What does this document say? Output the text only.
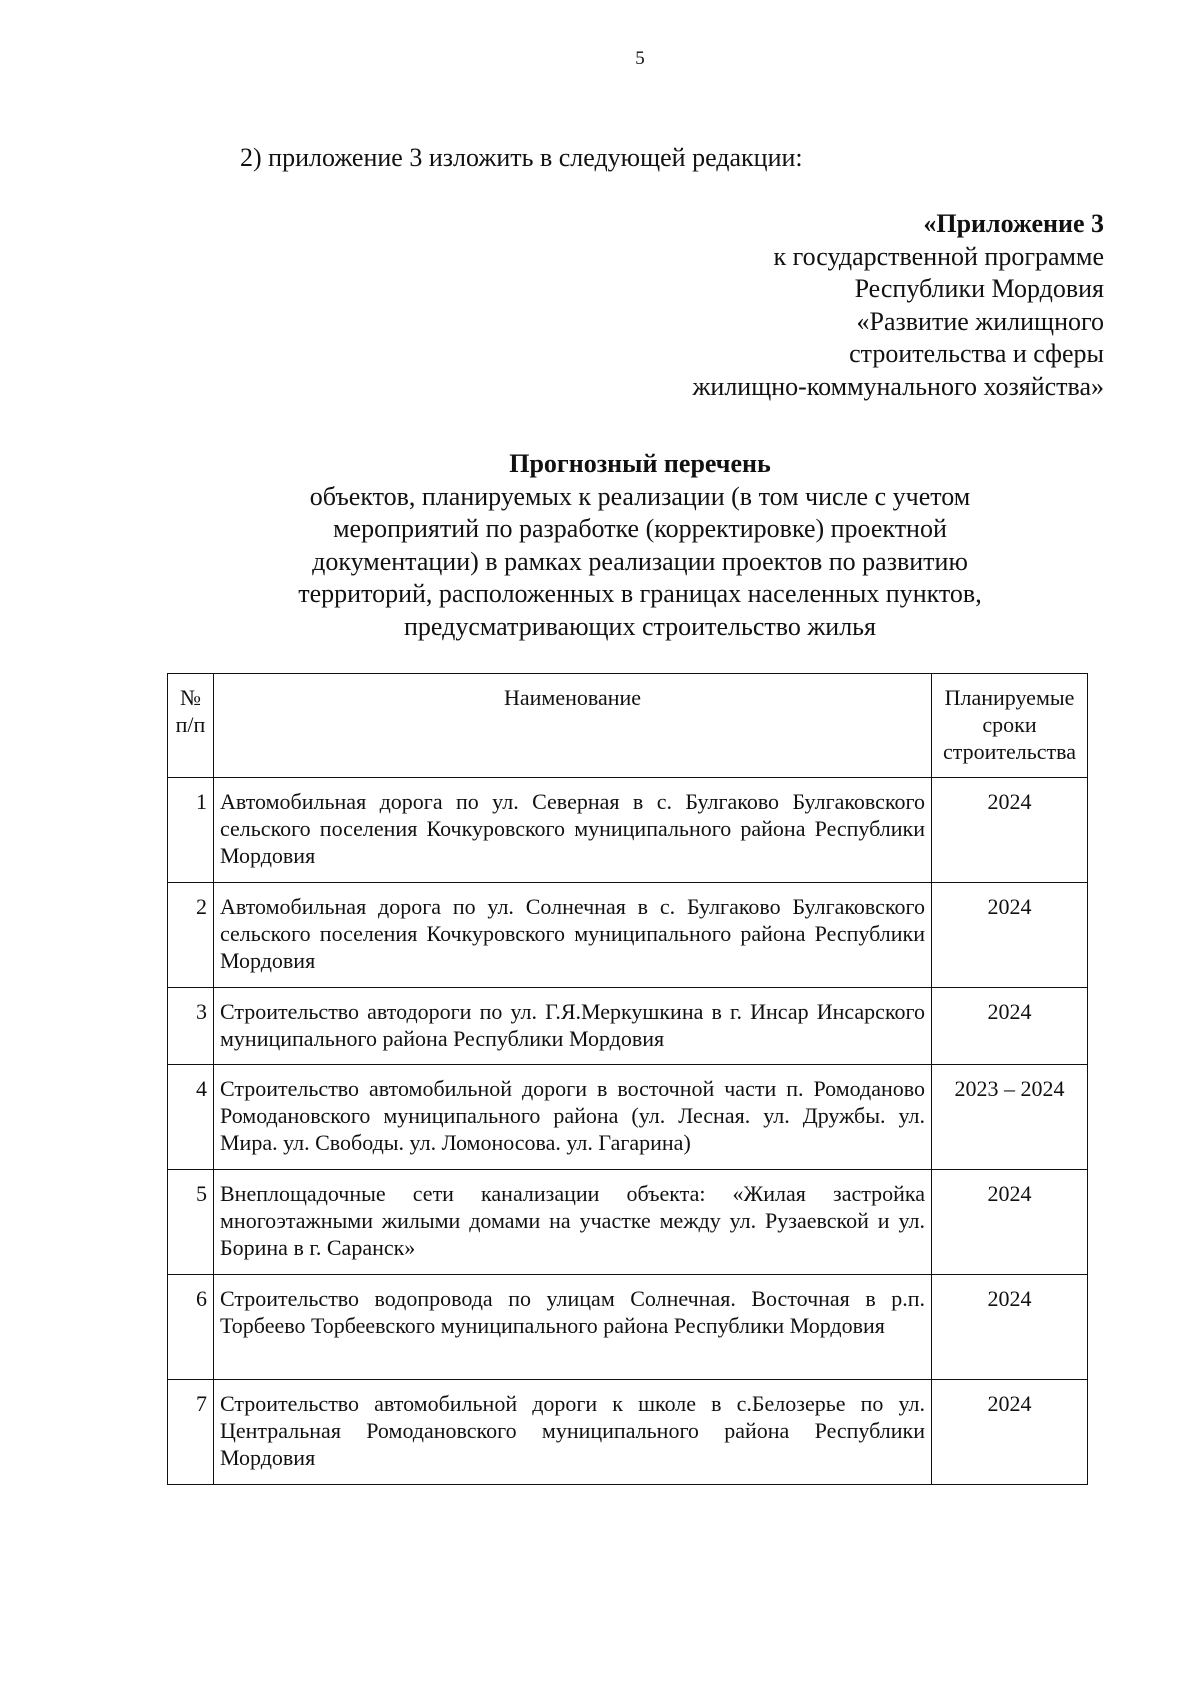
5
2) приложение 3 изложить в следующей редакции:
«Приложение 3
к государственной программе
Республики Мордовия
«Развитие жилищного
строительства и сферы
жилищно-коммунального хозяйства»
Прогнозный перечень
объектов, планируемых к реализации (в том числе с учетом
мероприятий по разработке (корректировке) проектной
документации) в рамках реализации проектов по развитию
территорий, расположенных в границах населенных пунктов,
предусматривающих строительство жилья
№ п/п	Наименование	Планируемые сроки строительства
1	Автомобильная дорога по ул. Северная в с. Булгаково Булгаковского сельского поселения Кочкуровского муниципального района Республики Мордовия	2024
2	Автомобильная дорога по ул. Солнечная в с. Булгаково Булгаковского сельского поселения Кочкуровского муниципального района Республики Мордовия	2024
3	Строительство автодороги по ул. Г.Я.Меркушкина в г. Инсар Инсарского муниципального района Республики Мордовия	2024
4	Строительство автомобильной дороги в восточной части п. Ромоданово Ромодановского муниципального района (ул. Лесная. ул. Дружбы. ул. Мира. ул. Свободы. ул. Ломоносова. ул. Гагарина)	2023 – 2024
5	Внеплощадочные сети канализации объекта: «Жилая застройка многоэтажными жилыми домами на участке между ул. Рузаевской и ул. Борина в г. Саранск»	2024
6	Строительство водопровода по улицам Солнечная. Восточная в р.п. Торбеево Торбеевского муниципального района Республики Мордовия	2024
7	Строительство автомобильной дороги к школе в с.Белозерье по ул. Центральная Ромодановского муниципального района Республики Мордовия	2024
